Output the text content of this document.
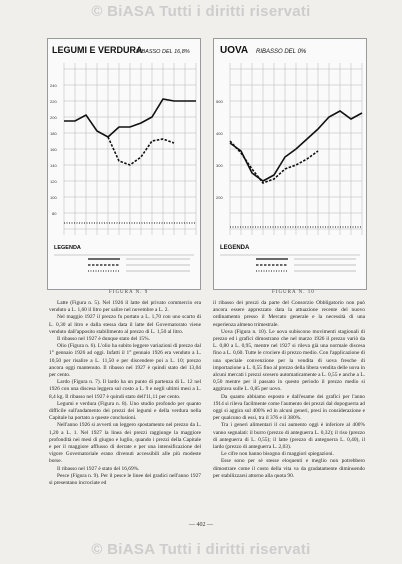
© BiASA Tutti i diritti riservati
LEGUMI E VERDURA
RIBASSO DEL 16,8%
240
220
200
180
160
140
120
100
80
LEGENDA
UOVA RIBASSO DEL 0%
500
400
300
200
LEGENDA
FIGURA N. 9	FIGURA N. 10

Latte (Figura n. 5). Nel 1926 il latte del privato commercio era venduto a L. 1,60 il litro per salire nel novembre a L. 2.

Nel maggio 1927 il prezzo fu portato a L. 1,70 con uno scarto di L. 0,30 al litro e dalla stessa data il latte del Governatorato viene venduto dall'apposito stabilimento al prezzo di L. 1,50 al litro.

Il ribasso nel 1927 è dunque stato del 15%.

Olio (Figura n. 6). L'olio ha subito leggere variazioni di prezzo dal 1° gennaio 1926 ad oggi. Infatti il 1° gennaio 1926 era venduto a L. 10,50 per risalire a L. 11,50 e per discendere poi a L. 10; prezzo ancora oggi mantenuto. Il ribasso nel 1927 è quindi stato del 13,04 per cento.

Lardo (Figura n. 7). Il lardo ha un punto di partenza di L. 12 nel 1926 con una discesa leggera sul costo a L. 9 e negli ultimi mesi a L. 8,4 kg. Il ribasso nel 1927 è quindi stato dell'11,11 per cento.

Legumi e verdura (Figura n. 8). Uno studio profondo per quanto difficile sull'andamento dei prezzi dei legumi e della verdura nella Capitale ha portato a queste conclusioni.

Nell'anno 1926 si avvertì un leggero spostamento nel prezzo da L. 1,20 a L. 1. Nel 1927 la linea dei prezzi raggiunge la maggiore profondità nei mesi di giugno e luglio, quando i prezzi della Capitale e per il maggiore afflusso di derrate e per una intensificazione del vigore Governatoriale erano divenuti accessibili alle più modeste borse.

Il ribasso nel 1927 è stato del 16,69%.

Pesce (Figura n. 9). Per il pesce le linee dei gradici nell'anno 1927 si presentano incrociate ed

il ribasso dei prezzi da parte del Consorzio Obbligatorio non può ancora essere apprezzato data la attuazione recente del nuovo ordinamento presso il Mercato generale e la necessità di una esperienza almeno trimestrale.

Uova (Figura n. 10). Le uova subiscono movimenti stagionali di prezzo ed i grafici dimostrano che nel marzo 1926 il prezzo variò da L. 0,80 a L. 0,95, mentre nel 1927 si rileva già una normale discesa fino a L. 0,60. Tutte le crociere di prezzo medio. Con l'applicazione di una speciale convenzione per la vendita di uova fresche di importazione a L. 0,55 fino al prezzo della libera vendita delle uova in alcuni mercati i prezzi scesero automaticamente a L. 0,55 e anche a L. 0,50 mentre per il passato in questo periodo il prezzo medio si aggirava sulle L. 0,85 per uovo.

Da quanto abbiamo esposto e dall'esame dei grafici per l'anno 1914 si rileva facilmente come l'aumento dei prezzi dal dopoguerra ad oggi si aggira sul 400% ed in alcuni generi, presi in considerazione e per qualcuno di essi, tra il 376 e il 380%.

Tra i generi alimentari il cui aumento oggi è inferiore al 400% vanno segnalati: il burro (prezzo di anteguerra L. 0,32); il riso (prezzo di anteguerra di L. 0,55); il latte (prezzo di anteguerra L. 0,40), il lardo (prezzo di anteguerra L. 2,03).

Le cifre non hanno bisogno di maggiori spiegazioni.

Esse sono per sè stesse eloquenti e meglio non potrebbero dimostrare come il costo della vita va da gradatamente diminuendo per stabilizzarsi attorno alla quota 90.

— 402 —
© BiASA Tutti i diritti riservati
